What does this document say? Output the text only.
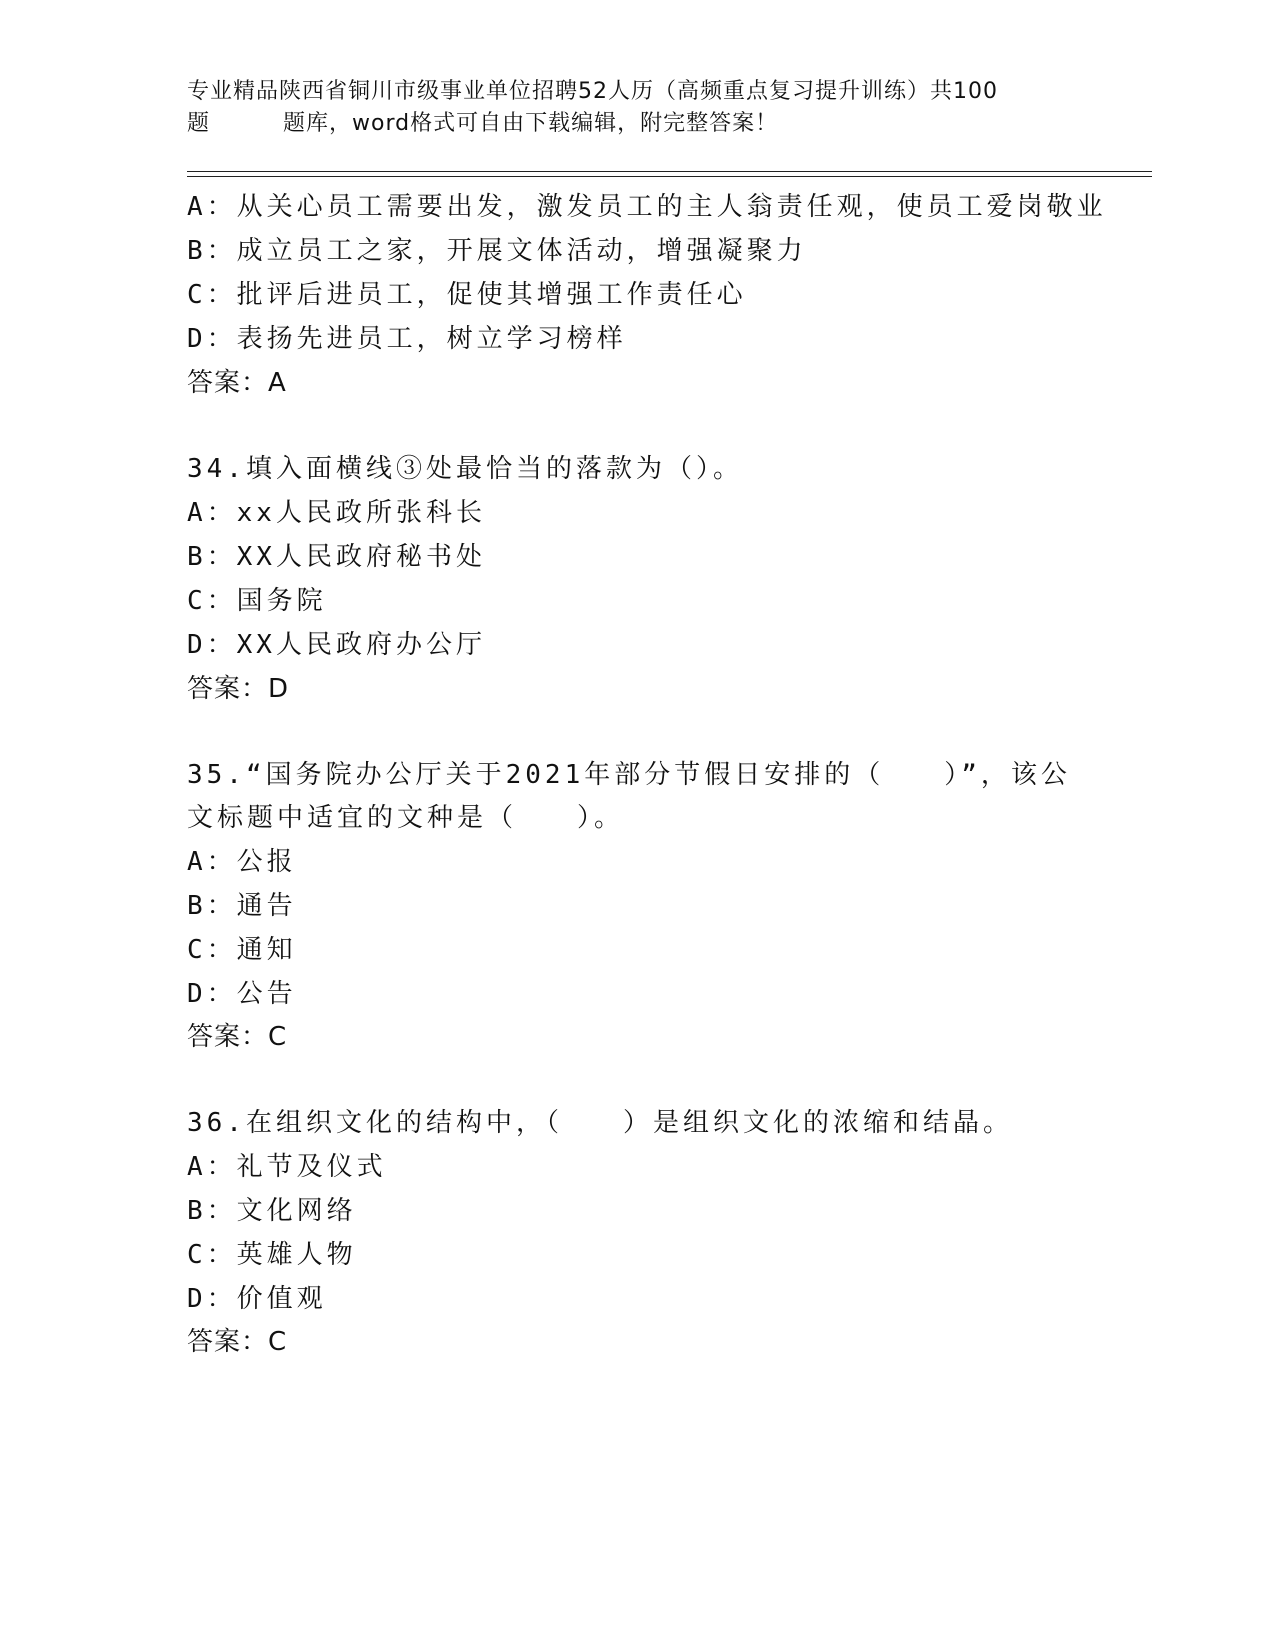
专业精品陕西省铜川市级事业单位招聘52人历（高频重点复习提升训练）共100
题	题库，word格式可自由下载编辑，附完整答案！
A：从关心员工需要出发，激发员工的主人翁责任观，使员工爱岗敬业
B：成立员工之家，开展文体活动，增强凝聚力
C：批评后进员工，促使其增强工作责任心
D：表扬先进员工，树立学习榜样
答案：A
34.填入面横线③处最恰当的落款为（）。
A：xx人民政所张科长
B：XX人民政府秘书处
C：国务院
D：XX人民政府办公厅
答案：D
35.“国务院办公厅关于2021年部分节假日安排的（　　）”，该公
文标题中适宜的文种是（　　）。
A：公报
B：通告
C：通知
D：公告
答案：C
36.在组织文化的结构中，（　　）是组织文化的浓缩和结晶。
A：礼节及仪式
B：文化网络
C：英雄人物
D：价值观
答案：C
